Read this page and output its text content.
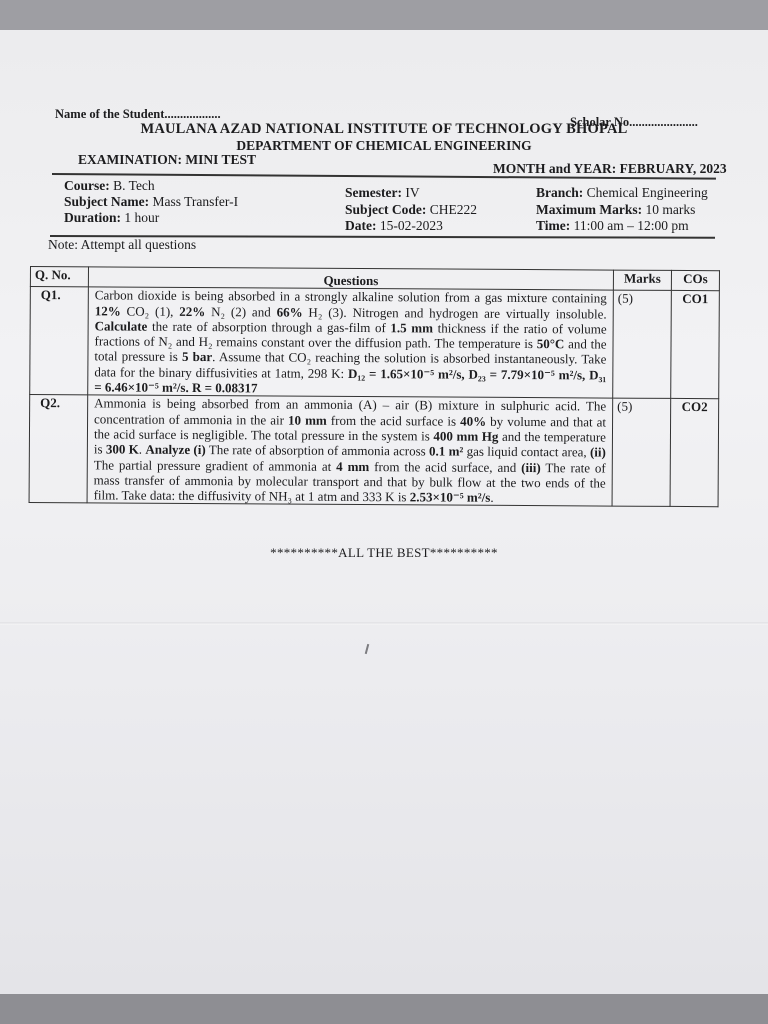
Name of the Student..................
Scholar No......................
MAULANA AZAD NATIONAL INSTITUTE OF TECHNOLOGY BHOPAL
DEPARTMENT OF CHEMICAL ENGINEERING
EXAMINATION: MINI TEST
MONTH and YEAR: FEBRUARY, 2023
Course: B. Tech
Subject Name: Mass Transfer-I
Duration: 1 hour
Semester: IV
Subject Code: CHE222
Date: 15-02-2023
Branch: Chemical Engineering
Maximum Marks: 10 marks
Time: 11:00 am – 12:00 pm
Note: Attempt all questions
Q. No.	Questions	Marks	COs
Q1.	Carbon dioxide is being absorbed in a strongly alkaline solution from a gas mixture containing 12% CO₂ (1), 22% N₂ (2) and 66% H₂ (3). Nitrogen and hydrogen are virtually insoluble. Calculate the rate of absorption through a gas-film of 1.5 mm thickness if the ratio of volume fractions of N₂ and H₂ remains constant over the diffusion path. The temperature is 50°C and the total pressure is 5 bar. Assume that CO₂ reaching the solution is absorbed instantaneously. Take data for the binary diffusivities at 1atm, 298 K: D₁₂ = 1.65×10⁻⁵ m²/s, D₂₃ = 7.79×10⁻⁵ m²/s, D₃₁ = 6.46×10⁻⁵ m²/s. R = 0.08317	(5)	CO1
Q2.	Ammonia is being absorbed from an ammonia (A) – air (B) mixture in sulphuric acid. The concentration of ammonia in the air 10 mm from the acid surface is 40% by volume and that at the acid surface is negligible. The total pressure in the system is 400 mm Hg and the temperature is 300 K. Analyze (i) The rate of absorption of ammonia across 0.1 m² gas liquid contact area, (ii) The partial pressure gradient of ammonia at 4 mm from the acid surface, and (iii) The rate of mass transfer of ammonia by molecular transport and that by bulk flow at the two ends of the film. Take data: the diffusivity of NH₃ at 1 atm and 333 K is 2.53×10⁻⁵ m²/s.	(5)	CO2
**********ALL THE BEST**********
